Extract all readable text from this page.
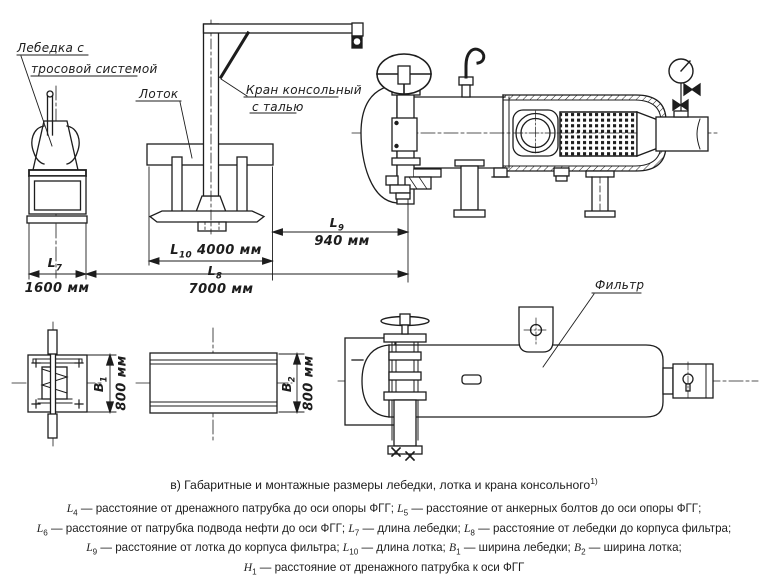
Лебедка с
тросовой системой
Лоток	Кран консольный
с талью
Фильтр
$L_7$
1600 мм
$L_8$
7000 мм
$L_9$
940 мм
$L_{10}$ 4000 мм
$B_1$ 800 мм	$B_2$ 800 мм
в) Габаритные и монтажные размеры лебедки, лотка и крана консольного$^{1)}$
$L_4$ — расстояние от дренажного патрубка до оси опоры ФГГ; $L_5$ — расстояние от анкерных болтов до оси опоры ФГГ;
$L_6$ — расстояние от патрубка подвода нефти до оси ФГГ; $L_7$ — длина лебедки; $L_8$ — расстояние от лебедки до корпуса фильтра;
$L_9$ — расстояние от лотка до корпуса фильтра; $L_{10}$ — длина лотка; $B_1$ — ширина лебедки; $B_2$ — ширина лотка;
$H_1$ — расстояние от дренажного патрубка к оси ФГГ
